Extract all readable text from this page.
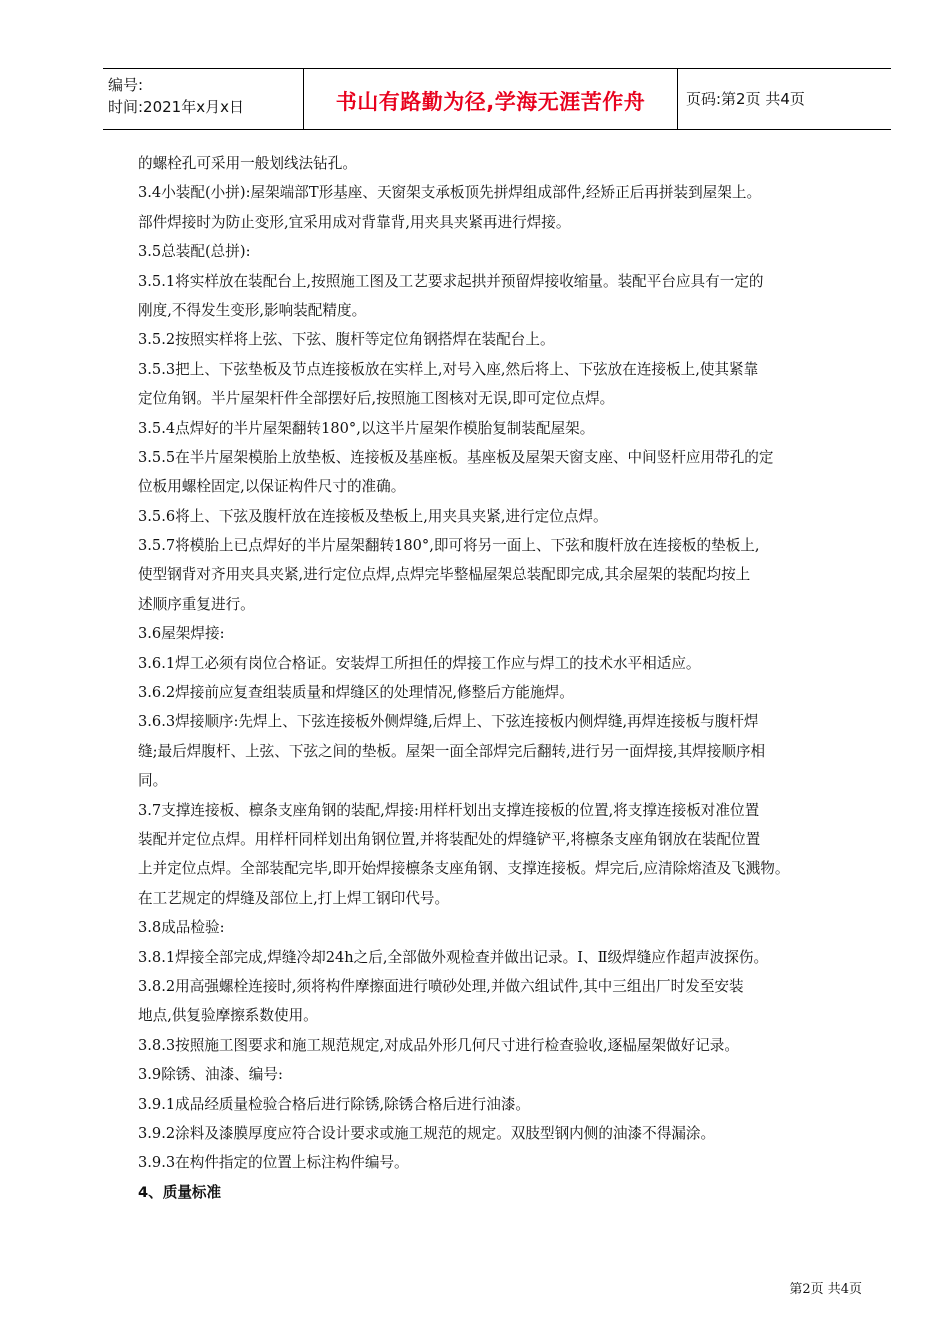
编号:
时间:2021年x月x日	书山有路勤为径,学海无涯苦作舟	页码:第2页 共4页
的螺栓孔可采用一般划线法钻孔。
3.4小装配(小拼):屋架端部T形基座、天窗架支承板顶先拼焊组成部件,经矫正后再拼装到屋架上。
部件焊接时为防止变形,宜采用成对背靠背,用夹具夹紧再进行焊接。
3.5总装配(总拼):
3.5.1将实样放在装配台上,按照施工图及工艺要求起拱并预留焊接收缩量。装配平台应具有一定的
刚度,不得发生变形,影响装配精度。
3.5.2按照实样将上弦、下弦、腹杆等定位角钢搭焊在装配台上。
3.5.3把上、下弦垫板及节点连接板放在实样上,对号入座,然后将上、下弦放在连接板上,使其紧靠
定位角钢。半片屋架杆件全部摆好后,按照施工图核对无误,即可定位点焊。
3.5.4点焊好的半片屋架翻转180°,以这半片屋架作模胎复制装配屋架。
3.5.5在半片屋架模胎上放垫板、连接板及基座板。基座板及屋架天窗支座、中间竖杆应用带孔的定
位板用螺栓固定,以保证构件尺寸的准确。
3.5.6将上、下弦及腹杆放在连接板及垫板上,用夹具夹紧,进行定位点焊。
3.5.7将模胎上已点焊好的半片屋架翻转180°,即可将另一面上、下弦和腹杆放在连接板的垫板上,
使型钢背对齐用夹具夹紧,进行定位点焊,点焊完毕整榀屋架总装配即完成,其余屋架的装配均按上
述顺序重复进行。
3.6屋架焊接:
3.6.1焊工必须有岗位合格证。安装焊工所担任的焊接工作应与焊工的技术水平相适应。
3.6.2焊接前应复查组装质量和焊缝区的处理情况,修整后方能施焊。
3.6.3焊接顺序:先焊上、下弦连接板外侧焊缝,后焊上、下弦连接板内侧焊缝,再焊连接板与腹杆焊
缝;最后焊腹杆、上弦、下弦之间的垫板。屋架一面全部焊完后翻转,进行另一面焊接,其焊接顺序相
同。
3.7支撑连接板、檩条支座角钢的装配,焊接:用样杆划出支撑连接板的位置,将支撑连接板对准位置
装配并定位点焊。用样杆同样划出角钢位置,并将装配处的焊缝铲平,将檩条支座角钢放在装配位置
上并定位点焊。全部装配完毕,即开始焊接檩条支座角钢、支撑连接板。焊完后,应清除熔渣及飞溅物。
在工艺规定的焊缝及部位上,打上焊工钢印代号。
3.8成品检验:
3.8.1焊接全部完成,焊缝冷却24h之后,全部做外观检查并做出记录。Ⅰ、Ⅱ级焊缝应作超声波探伤。
3.8.2用高强螺栓连接时,须将构件摩擦面进行喷砂处理,并做六组试件,其中三组出厂时发至安装
地点,供复验摩擦系数使用。
3.8.3按照施工图要求和施工规范规定,对成品外形几何尺寸进行检查验收,逐榀屋架做好记录。
3.9除锈、油漆、编号:
3.9.1成品经质量检验合格后进行除锈,除锈合格后进行油漆。
3.9.2涂料及漆膜厚度应符合设计要求或施工规范的规定。双肢型钢内侧的油漆不得漏涂。
3.9.3在构件指定的位置上标注构件编号。
4、质量标准
第2页 共4页
